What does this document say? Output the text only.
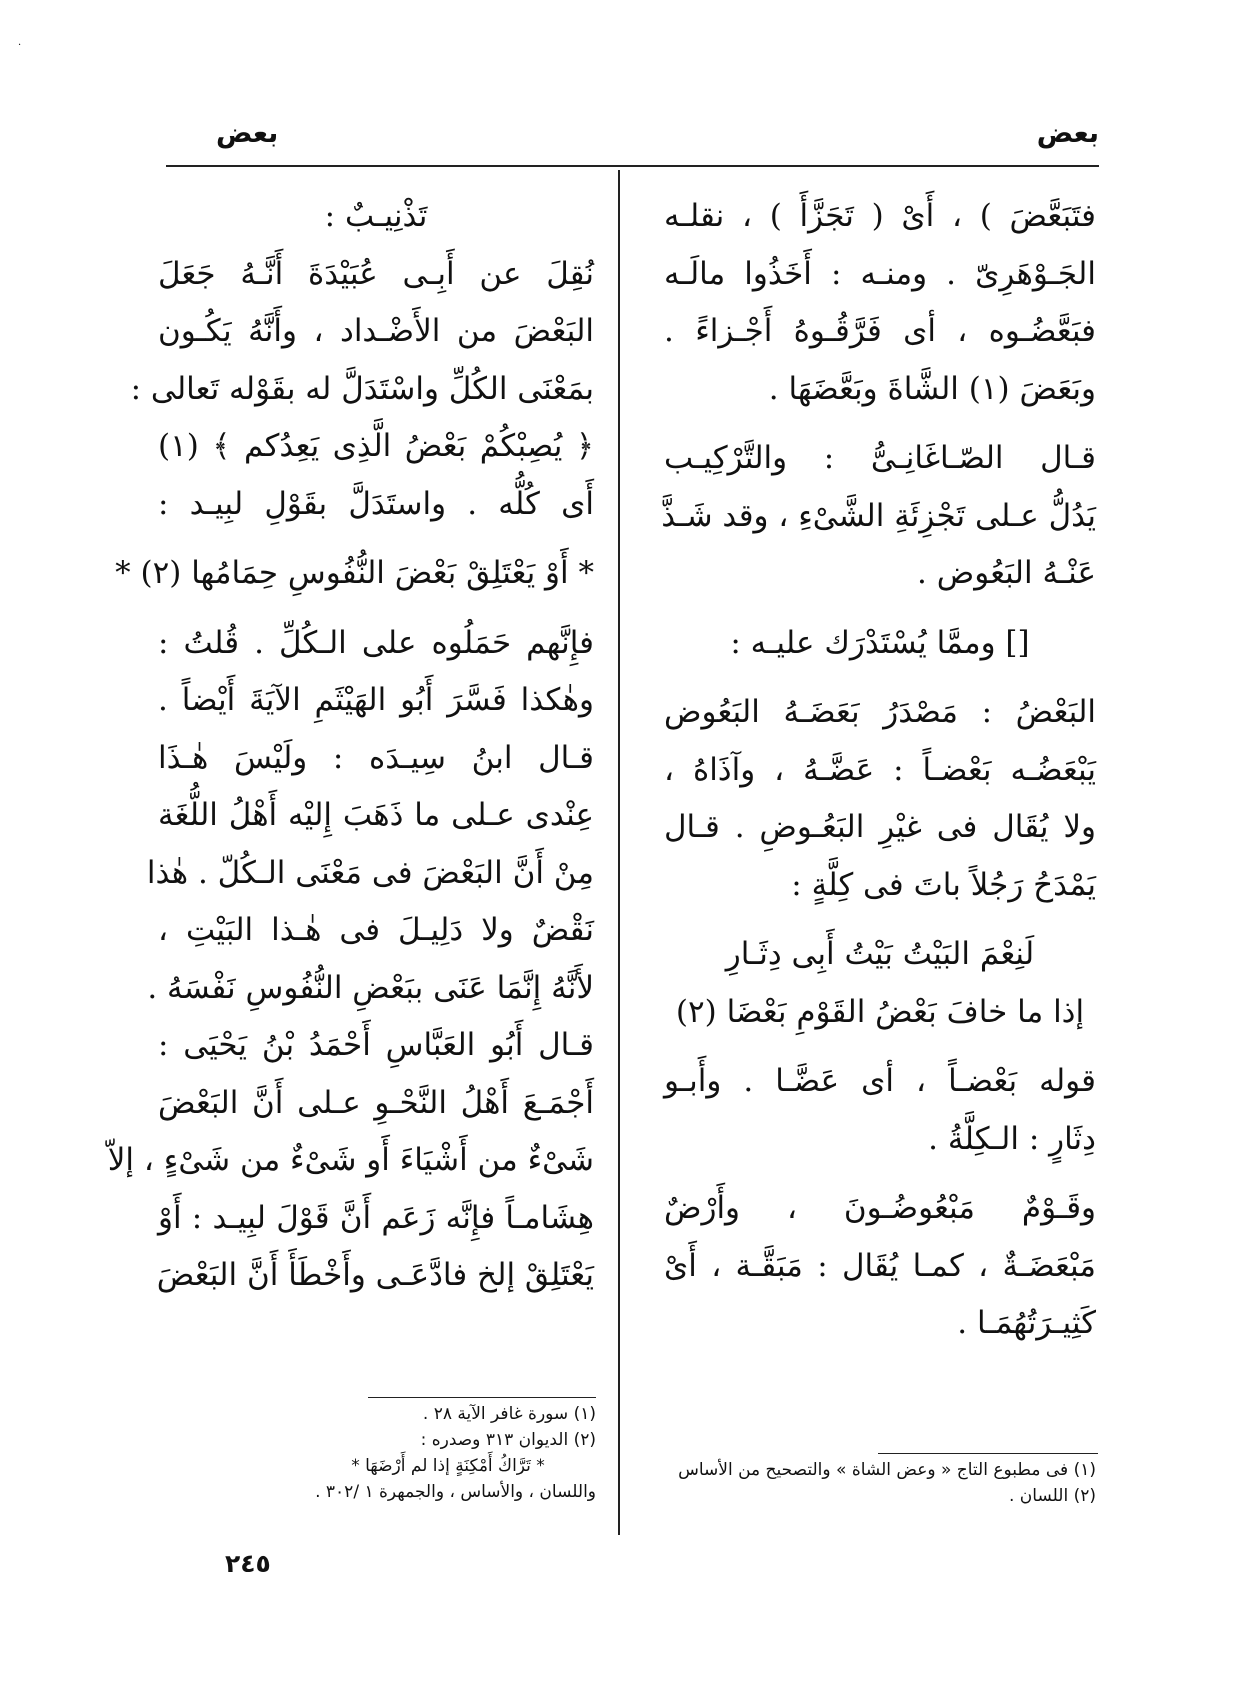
·
بعض	بعض
فتَبَعَّضَ ) ، أَىْ ( تَجَزَّأَ ) ، نقلـه
الجَـوْهَرِىّ . ومنـه : أَخَذُوا مالَـه
فبَعَّضُـوه ، أى فَرَّقُـوهُ أَجْـزاءً .
وبَعَضَ (١) الشَّاةَ وبَعَّضَهَا .
قـال الصّـاغَانِـىُّ : والتَّرْكِيـب
يَدُلُّ عـلى تَجْزِئَةِ الشَّىْءِ ، وقد شَـذَّ
عَنْـهُ البَعُوض .
[] وممَّا يُسْتَدْرَك عليـه :
البَعْضُ : مَصْدَرُ بَعَضَـهُ البَعُوض
يَبْعَضُـه بَعْضـاً : عَضَّـهُ ، وآذَاهُ ،
ولا يُقَال فى غيْرِ البَعُـوضِ . قـال
يَمْدَحُ رَجُلاً باتَ فى كِلَّةٍ :
لَنِعْمَ البَيْتُ بَيْتُ أَبِى دِثَـارِ
إذا ما خافَ بَعْضُ القَوْمِ بَعْضَا (٢)
قوله بَعْضـاً ، أى عَضَّـا . وأَبـو
دِثَارٍ : الـكِلَّةُ .
وقَـوْمٌ مَبْعُوضُـونَ ، وأَرْضٌ
مَبْعَضَـةٌ ، كمـا يُقَال : مَبَقَّـة ، أَىْ
كَثِيـرَتُهُمَـا .
تَذْنِيـبٌ :
نُقِلَ عن أَبِـى عُبَيْدَةَ أَنَّـهُ جَعَلَ
البَعْضَ من الأَضْـداد ، وأَنَّهُ يَكُـون
بمَعْنَى الكُلِّ واسْتَدَلَّ له بقَوْله تَعالى :
﴿ يُصِبْكُمْ بَعْضُ الَّذِى يَعِدُكم ﴾ (١)
أَى كُلُّه . واستَدَلَّ بقَوْلِ لبِيـد :
* أَوْ يَعْتَلِقْ بَعْضَ النُّفُوسِ حِمَامُها (٢) *
فإِنَّهم حَمَلُوه على الـكُلِّ . قُلتُ :
وهٰكذا فَسَّرَ أَبُو الهَيْثَمِ الآيَةَ أَيْضاً .
قـال ابنُ سِيـدَه : ولَيْسَ هٰـذَا
عِنْدى عـلى ما ذَهَبَ إِليْه أَهْلُ اللُّغَة
مِنْ أَنَّ البَعْضَ فى مَعْنَى الـكُلّ . هٰذا
نَقْضٌ ولا دَلِيـلَ فى هٰـذا البَيْتِ ،
لأَنَّهُ إِنَّمَا عَنَى ببَعْضِ النُّفُوسِ نَفْسَهُ .
قـال أَبُو العَبَّاسِ أَحْمَدُ بْنُ يَحْيَى :
أَجْمَـعَ أَهْلُ النَّحْـوِ عـلى أَنَّ البَعْضَ
شَىْءٌ من أَشْيَاءَ أَو شَىْءٌ من شَىْءٍ ، إلاّ
هِشَامـاً فإِنَّه زَعَم أَنَّ قَوْلَ لبِيـد : أَوْ
يَعْتَلِقْ إلخ فادَّعَـى وأَخْطَأَ أَنَّ البَعْضَ
(١) سورة غافر الآية ٢٨ .
(٢) الديوان ٣١٣ وصدره :
* تَرَّاكُ أَمْكِنَةٍ إذا لم أَرْضَهَا *
واللسان ، والأساس ، والجمهرة ١ /٣٠٢ .
(١) فى مطبوع التاج « وعض الشاة » والتصحيح من الأساس
(٢) اللسان .
٢٤٥
